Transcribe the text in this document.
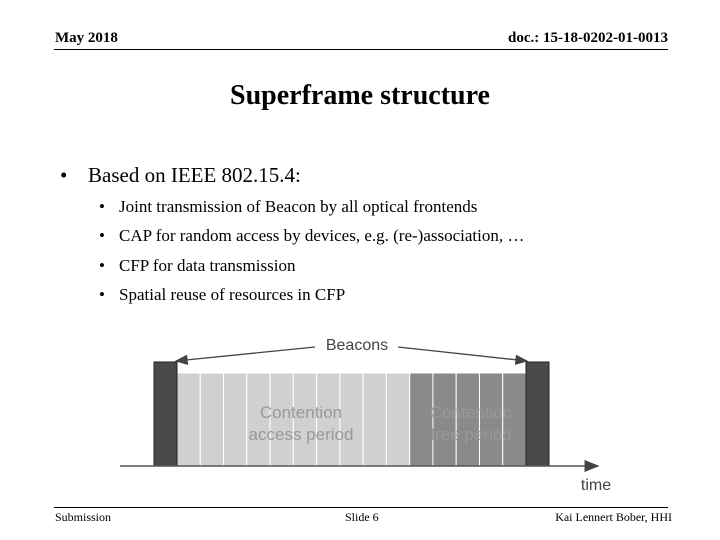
May 2018	doc.: 15-18-0202-01-0013
Superframe structure
• Based on IEEE 802.15.4:
• Joint transmission of Beacon by all optical frontends
• CAP for random access by devices, e.g. (re-)association, …
• CFP for data transmission
• Spatial reuse of resources in CFP
Beacons
Contention
access period
Contention
free period
time
Submission	Slide 6	Kai Lennert Bober, HHI
